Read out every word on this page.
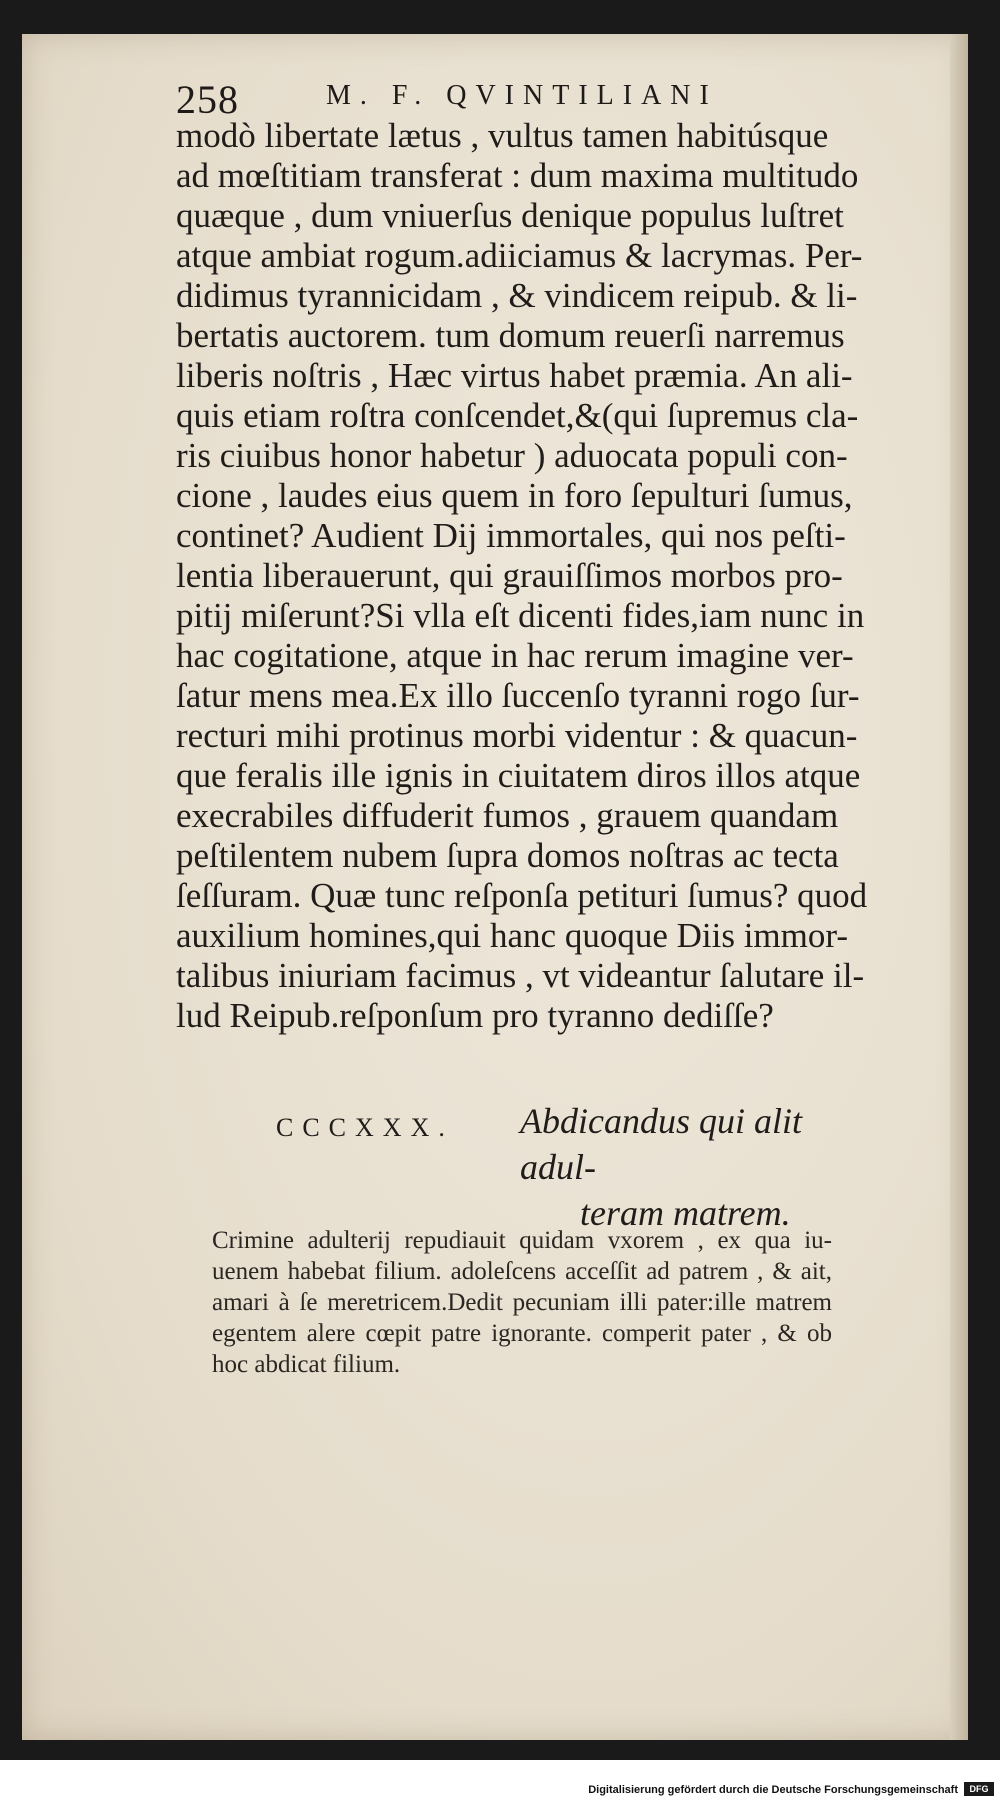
258	M. F. QVINTILIANI
modò libertate lætus , vultus tamen habitúsque
ad mœſtitiam transferat : dum maxima multitudo
quæque , dum vniuerſus denique populus luſtret
atque ambiat rogum.adiiciamus & lacrymas. Per-
didimus tyrannicidam , & vindicem reipub. & li-
bertatis auctorem. tum domum reuerſi narremus
liberis noſtris , Hæc virtus habet præmia. An ali-
quis etiam roſtra conſcendet,&(qui ſupremus cla-
ris ciuibus honor habetur ) aduocata populi con-
cione , laudes eius quem in foro ſepulturi ſumus,
continet? Audient Dij immortales, qui nos peſti-
lentia liberauerunt, qui grauiſſimos morbos pro-
pitij miſerunt?Si vlla eſt dicenti fides,iam nunc in
hac cogitatione, atque in hac rerum imagine ver-
ſatur mens mea.Ex illo ſuccenſo tyranni rogo ſur-
recturi mihi protinus morbi videntur : & quacun-
que feralis ille ignis in ciuitatem diros illos atque
execrabiles diffuderit fumos , grauem quandam
peſtilentem nubem ſupra domos noſtras ac tecta
ſeſſuram. Quæ tunc reſponſa petituri ſumus? quod
auxilium homines,qui hanc quoque Diis immor-
talibus iniuriam facimus , vt videantur ſalutare il-
lud Reipub.reſponſum pro tyranno dediſſe?
CCCXXX. Abdicandus qui alit adul-
teram matrem.
Crimine adulterij repudiauit quidam vxorem , ex qua iu-
uenem habebat filium. adoleſcens acceſſit ad patrem , & ait,
amari à ſe meretricem.Dedit pecuniam illi pater:ille matrem
egentem alere cœpit patre ignorante. comperit pater , & ob
hoc abdicat filium.
Digitalisierung gefördert durch die Deutsche Forschungsgemeinschaft	DFG
